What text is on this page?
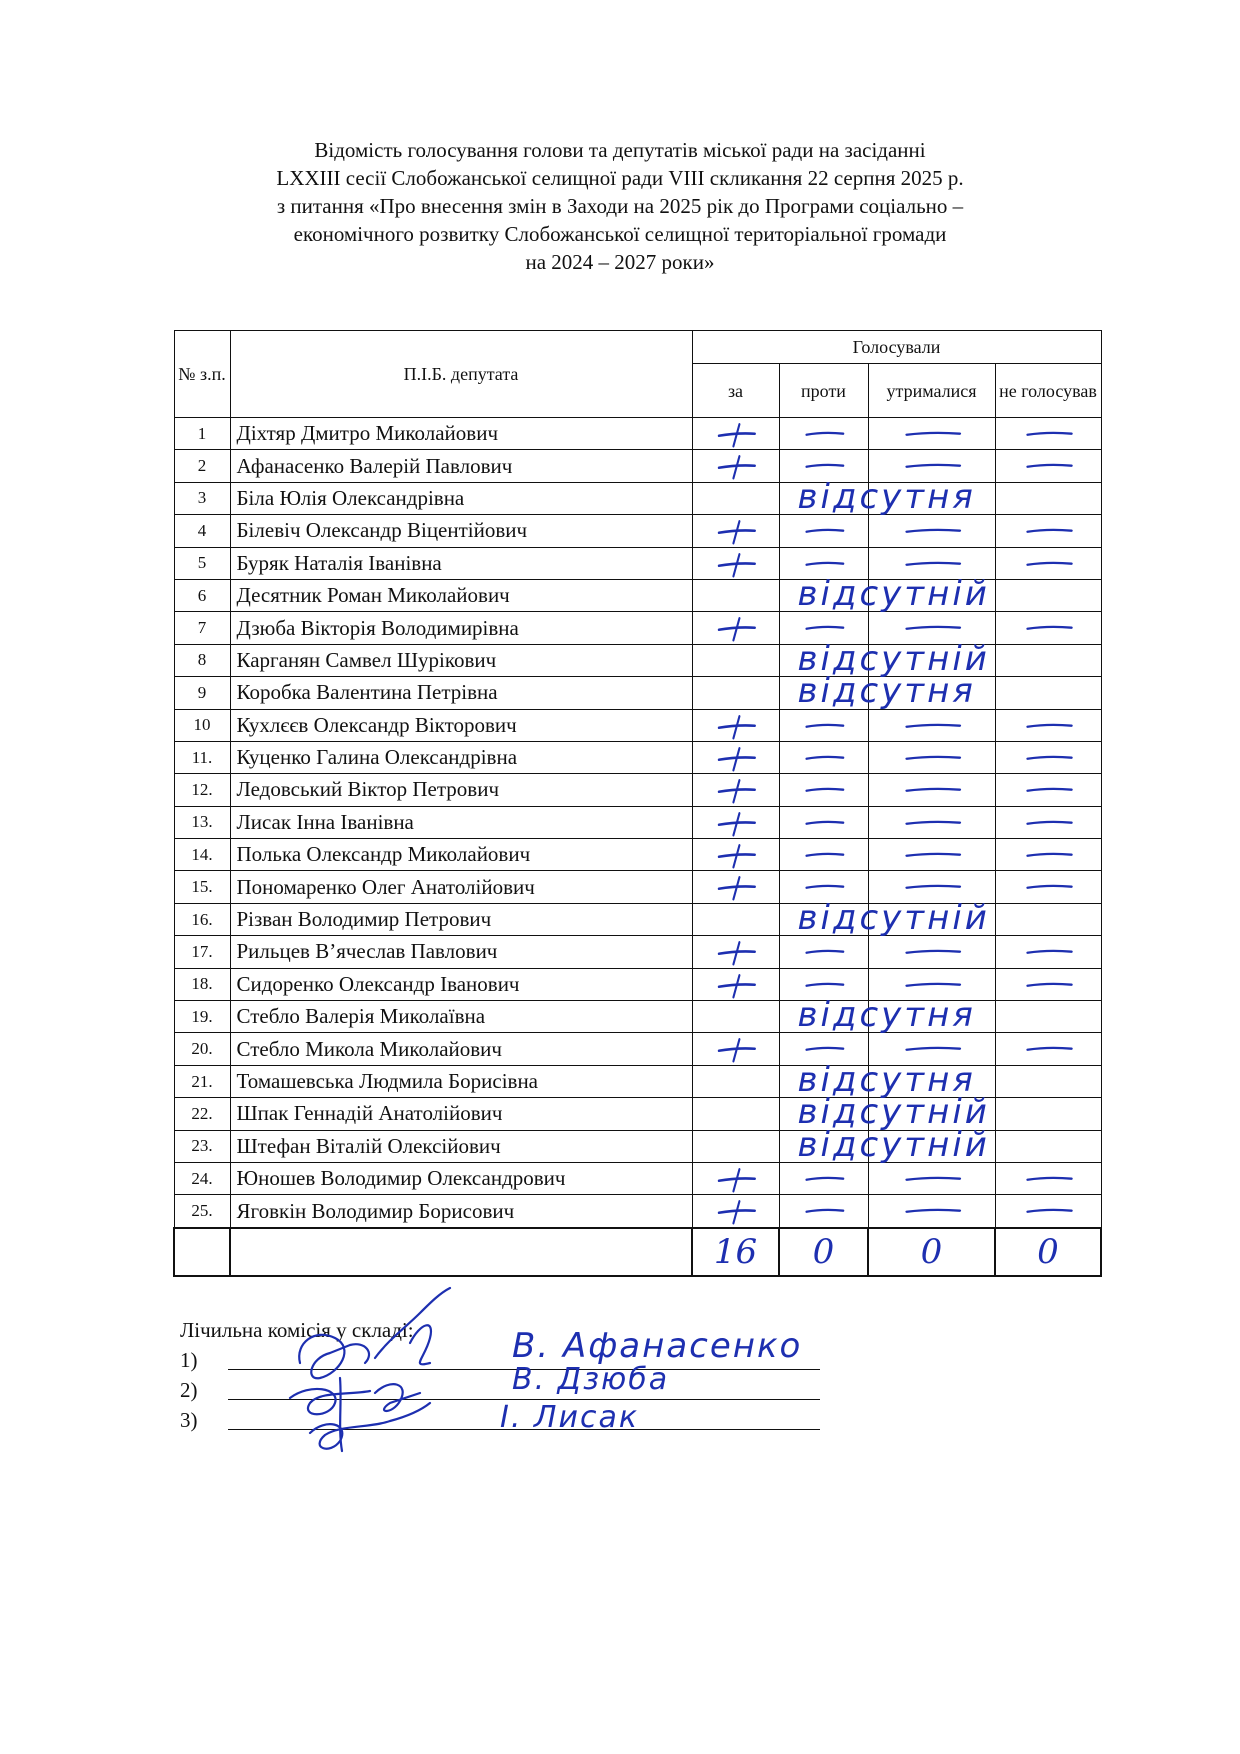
Відомість голосування голови та депутатів міської ради на засіданні
LXXIII сесії Слобожанської селищної ради VIII скликання 22 серпня 2025 р.
з питання «Про внесення змін в Заходи на 2025 рік до Програми соціально –
економічного розвитку Слобожанської селищної територіальної громади
на 2024 – 2027 роки»
№ з.п.	П.І.Б. депутата	Голосували			
		за	проти	утрималися	не голосував
1	Діхтяр Дмитро Миколайович	

2	Афанасенко Валерій Павлович	

3	Біла Юлія Олександрівна		відсутня		

4	Білевіч Олександр Віцентійович	

5	Буряк Наталія Іванівна	

6	Десятник Роман Миколайович		відсутній		

7	Дзюба Вікторія Володимирівна	

8	Карганян Самвел Шурікович		відсутній		

9	Коробка Валентина Петрівна		відсутня		

10	Кухлєєв Олександр Вікторович	

11.	Куценко Галина Олександрівна	

12.	Ледовський Віктор Петрович	

13.	Лисак Інна Іванівна	

14.	Полька Олександр Миколайович	

15.	Пономаренко Олег Анатолійович	

16.	Різван Володимир Петрович		відсутній		

17.	Рильцев В’ячеслав Павлович	

18.	Сидоренко Олександр Іванович	

19.	Стебло Валерія Миколаївна		відсутня		

20.	Стебло Микола Миколайович	

21.	Томашевська Людмила Борисівна		відсутня		

22.	Шпак Геннадій Анатолійович		відсутній		

23.	Штефан Віталій Олексійович		відсутній		

24.	Юношев Володимир Олександрович	

25.	Яговкін Володимир Борисович	

		16	0	0	0
Лічильна комісія у складі:
1)
2)
3)
В. Афанасенко
В. Дзюба
І. Лисак
